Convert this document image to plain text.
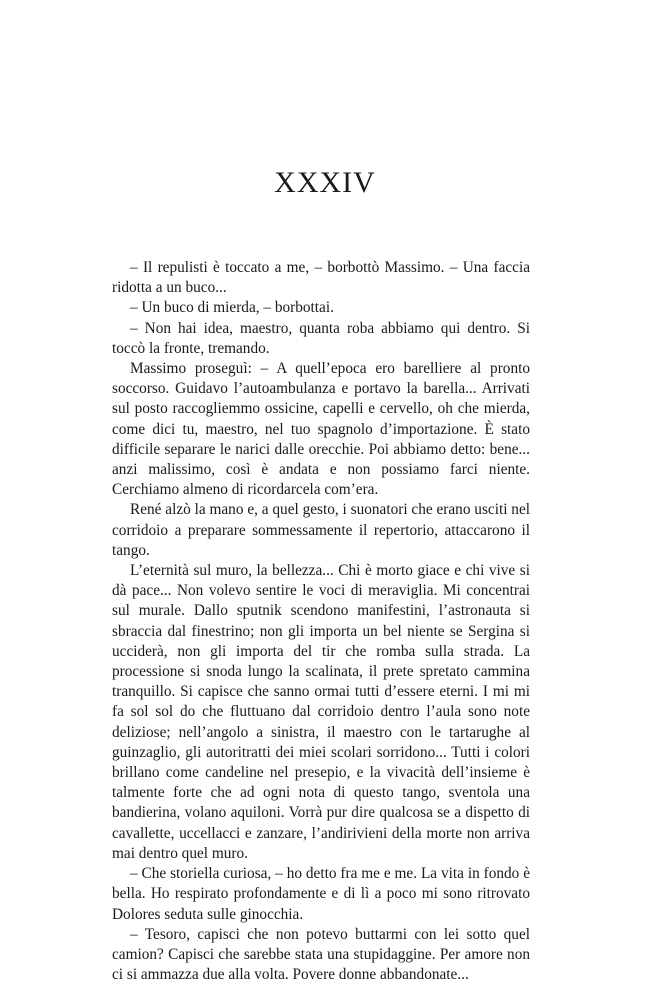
XXXIV

– Il repulisti è toccato a me, – borbottò Massimo. – Una faccia ridotta a un buco...

– Un buco di mierda, – borbottai.

– Non hai idea, maestro, quanta roba abbiamo qui dentro. Si toccò la fronte, tremando.

Massimo proseguì: – A quell’epoca ero barelliere al pronto soccorso. Guidavo l’autoambulanza e portavo la barella... Arrivati sul posto raccogliemmo ossicine, capelli e cervello, oh che mierda, come dici tu, maestro, nel tuo spagnolo d’importazione. È stato difficile separare le narici dalle orecchie. Poi abbiamo detto: bene... anzi malissimo, così è andata e non possiamo farci niente. Cerchiamo almeno di ricordarcela com’era.

René alzò la mano e, a quel gesto, i suonatori che erano usciti nel corridoio a preparare sommessamente il repertorio, attaccarono il tango.

L’eternità sul muro, la bellezza... Chi è morto giace e chi vive si dà pace... Non volevo sentire le voci di meraviglia. Mi concentrai sul murale. Dallo sputnik scendono manifestini, l’astronauta si sbraccia dal finestrino; non gli importa un bel niente se Sergina si ucciderà, non gli importa del tir che romba sulla strada. La processione si snoda lungo la scalinata, il prete spretato cammina tranquillo. Si capisce che sanno ormai tutti d’essere eterni. I mi mi fa sol sol do che fluttuano dal corridoio dentro l’aula sono note deliziose; nell’angolo a sinistra, il maestro con le tartarughe al guinzaglio, gli autoritratti dei miei scolari sorridono... Tutti i colori brillano come candeline nel presepio, e la vivacità dell’insieme è talmente forte che ad ogni nota di questo tango, sventola una bandierina, volano aquiloni. Vorrà pur dire qualcosa se a dispetto di cavallette, uccellacci e zanzare, l’andirivieni della morte non arriva mai dentro quel muro.

– Che storiella curiosa, – ho detto fra me e me. La vita in fondo è bella. Ho respirato profondamente e di lì a poco mi sono ritrovato Dolores seduta sulle ginocchia.

– Tesoro, capisci che non potevo buttarmi con lei sotto quel camion? Capisci che sarebbe stata una stupidaggine. Per amore non ci si ammazza due alla volta. Povere donne abbandonate...
